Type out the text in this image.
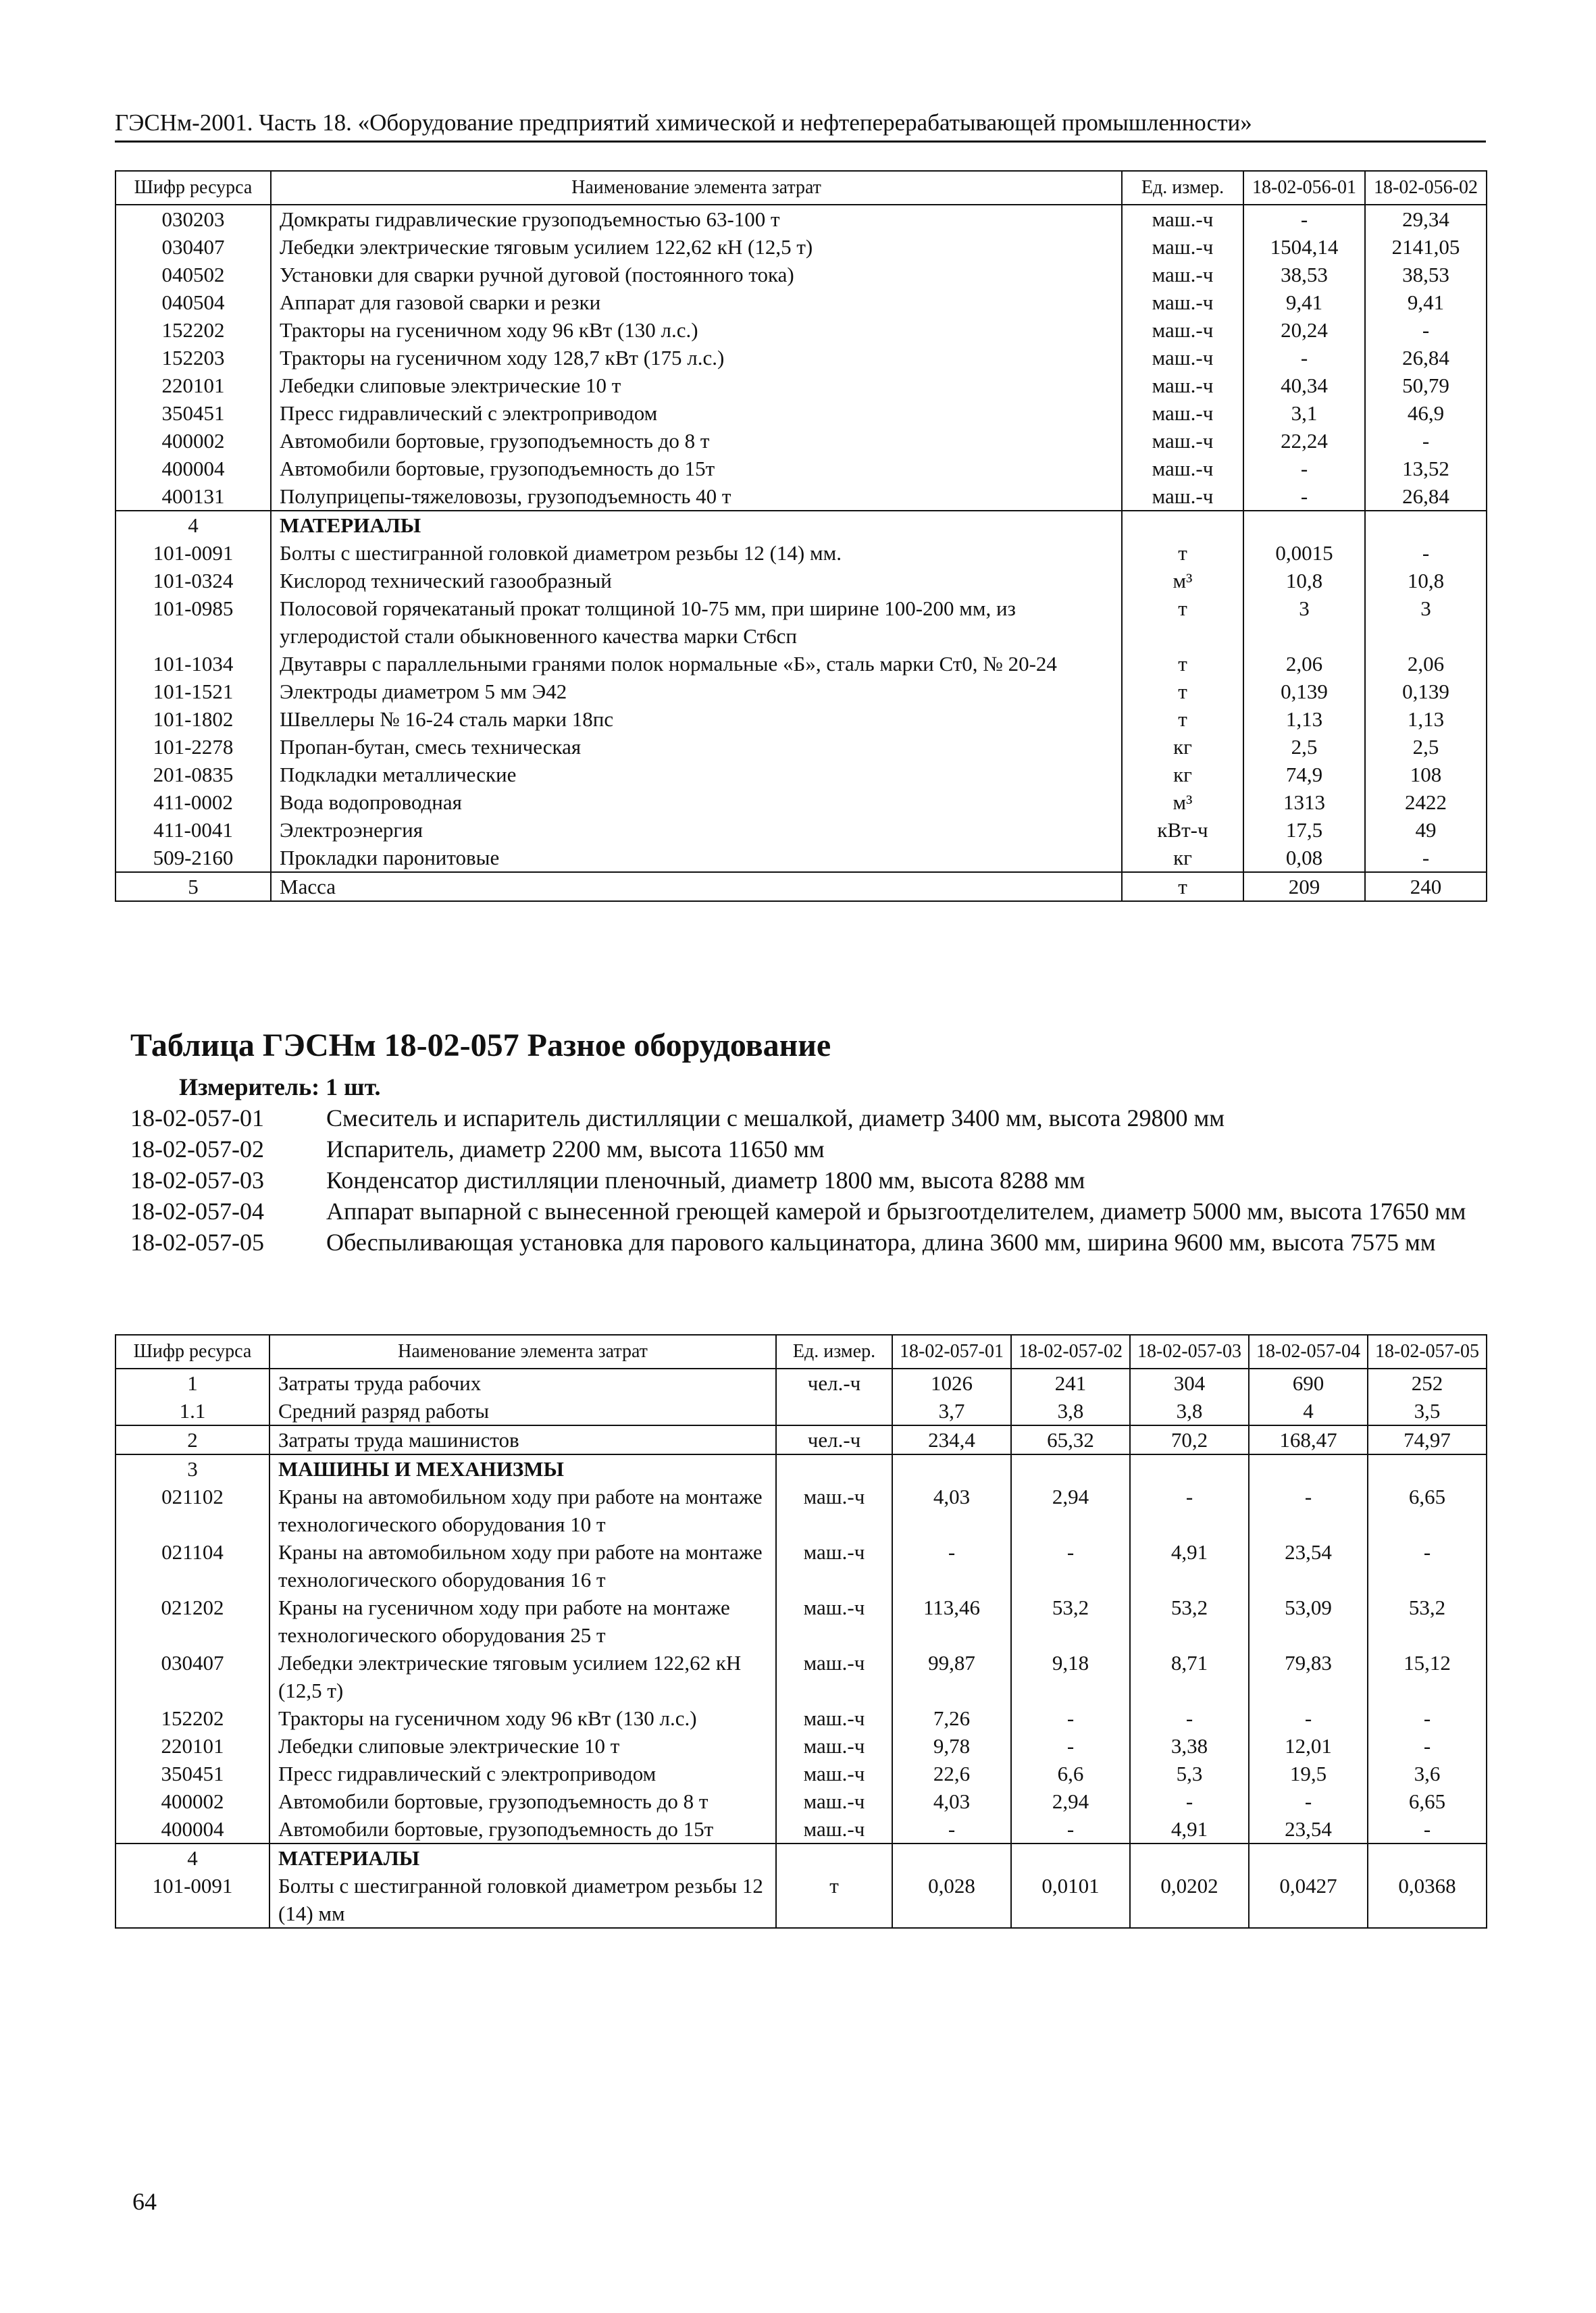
ГЭСНм-2001. Часть 18. «Оборудование предприятий химической и нефтеперерабатывающей промышленности»
Шифр ресурса	Наименование элемента затрат	Ед. измер.	18-02-056-01	18-02-056-02
030203	Домкраты гидравлические грузоподъемностью 63-100 т	маш.-ч	-	29,34
030407	Лебедки электрические тяговым усилием 122,62 кН (12,5 т)	маш.-ч	1504,14	2141,05
040502	Установки для сварки ручной дуговой (постоянного тока)	маш.-ч	38,53	38,53
040504	Аппарат для газовой сварки и резки	маш.-ч	9,41	9,41
152202	Тракторы на гусеничном ходу 96 кВт (130 л.с.)	маш.-ч	20,24	-
152203	Тракторы на гусеничном ходу 128,7 кВт (175 л.с.)	маш.-ч	-	26,84
220101	Лебедки слиповые электрические 10 т	маш.-ч	40,34	50,79
350451	Пресс гидравлический с электроприводом	маш.-ч	3,1	46,9
400002	Автомобили бортовые, грузоподъемность до 8 т	маш.-ч	22,24	-
400004	Автомобили бортовые, грузоподъемность до 15т	маш.-ч	-	13,52
400131	Полуприцепы-тяжеловозы, грузоподъемность 40 т	маш.-ч	-	26,84
4	МАТЕРИАЛЫ			
101-0091	Болты с шестигранной головкой диаметром резьбы 12 (14) мм.	т	0,0015	-
101-0324	Кислород технический газообразный	м³	10,8	10,8
101-0985	Полосовой горячекатаный прокат толщиной 10-75 мм, при ширине 100-200 мм, из углеродистой стали обыкновенного качества марки Ст6сп	т	3	3
101-1034	Двутавры с параллельными гранями полок нормальные «Б», сталь марки Ст0, № 20-24	т	2,06	2,06
101-1521	Электроды диаметром 5 мм Э42	т	0,139	0,139
101-1802	Швеллеры № 16-24 сталь марки 18пс	т	1,13	1,13
101-2278	Пропан-бутан, смесь техническая	кг	2,5	2,5
201-0835	Подкладки металлические	кг	74,9	108
411-0002	Вода водопроводная	м³	1313	2422
411-0041	Электроэнергия	кВт-ч	17,5	49
509-2160	Прокладки паронитовые	кг	0,08	-
5	Масса	т	209	240
Таблица ГЭСНм 18-02-057 Разное оборудование
Измеритель: 1 шт.
18-02-057-01	Смеситель и испаритель дистилляции с мешалкой, диаметр 3400 мм, высота 29800 мм
18-02-057-02	Испаритель, диаметр 2200 мм, высота 11650 мм
18-02-057-03	Конденсатор дистилляции пленочный, диаметр 1800 мм, высота 8288 мм
18-02-057-04	Аппарат выпарной с вынесенной греющей камерой и брызгоотделителем, диаметр 5000 мм, высота 17650 мм
18-02-057-05	Обеспыливающая установка для парового кальцинатора, длина 3600 мм, ширина 9600 мм, высота 7575 мм
Шифр ресурса	Наименование элемента затрат	Ед. измер.	18-02-057-01	18-02-057-02	18-02-057-03	18-02-057-04	18-02-057-05
1	Затраты труда рабочих	чел.-ч	1026	241	304	690	252
1.1	Средний разряд работы		3,7	3,8	3,8	4	3,5
2	Затраты труда машинистов	чел.-ч	234,4	65,32	70,2	168,47	74,97
3	МАШИНЫ И МЕХАНИЗМЫ						
021102	Краны на автомобильном ходу при работе на монтаже технологического оборудования 10 т	маш.-ч	4,03	2,94	-	-	6,65
021104	Краны на автомобильном ходу при работе на монтаже технологического оборудования 16 т	маш.-ч	-	-	4,91	23,54	-
021202	Краны на гусеничном ходу при работе на монтаже технологического оборудования 25 т	маш.-ч	113,46	53,2	53,2	53,09	53,2
030407	Лебедки электрические тяговым усилием 122,62 кН (12,5 т)	маш.-ч	99,87	9,18	8,71	79,83	15,12
152202	Тракторы на гусеничном ходу 96 кВт (130 л.с.)	маш.-ч	7,26	-	-	-	-
220101	Лебедки слиповые электрические 10 т	маш.-ч	9,78	-	3,38	12,01	-
350451	Пресс гидравлический с электроприводом	маш.-ч	22,6	6,6	5,3	19,5	3,6
400002	Автомобили бортовые, грузоподъемность до 8 т	маш.-ч	4,03	2,94	-	-	6,65
400004	Автомобили бортовые, грузоподъемность до 15т	маш.-ч	-	-	4,91	23,54	-
4	МАТЕРИАЛЫ						
101-0091	Болты с шестигранной головкой диаметром резьбы 12 (14) мм	т	0,028	0,0101	0,0202	0,0427	0,0368
64
